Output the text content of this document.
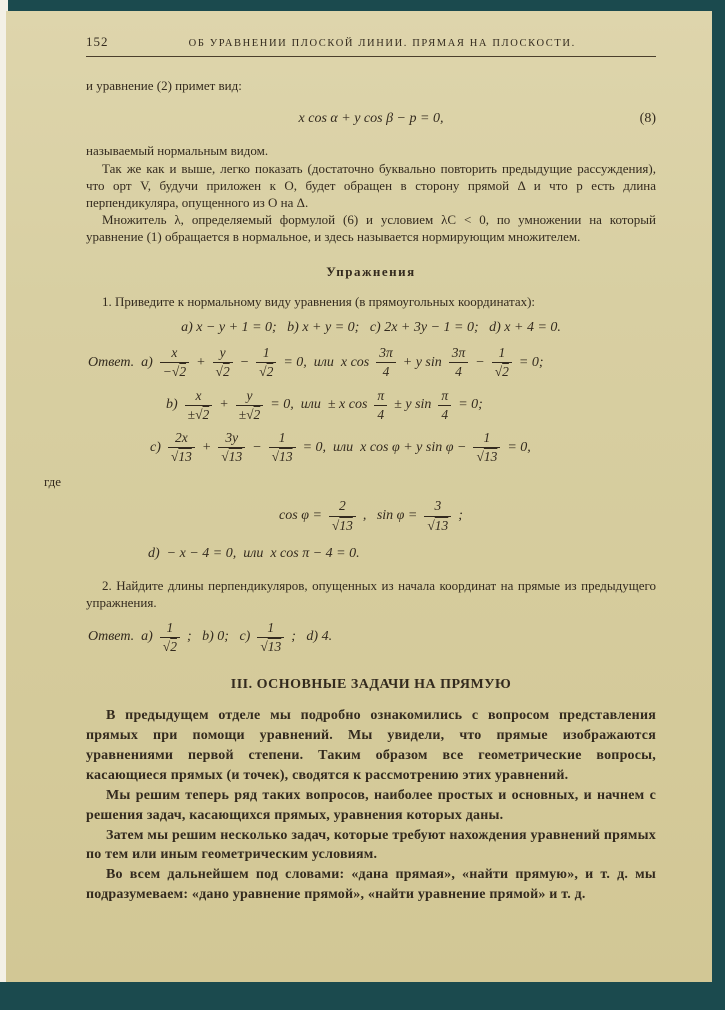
152	ОБ УРАВНЕНИИ ПЛОСКОЙ ЛИНИИ. ПРЯМАЯ НА ПЛОСКОСТИ.

и уравнение (2) примет вид:

x cos α + y cos β − p = 0,	(8)

называемый нормальным видом.

Так же как и выше, легко показать (достаточно буквально повторить предыдущие рассуждения), что орт V, будучи приложен к O, будет обращен в сторону прямой Δ и что p есть длина перпендикуляра, опущенного из O на Δ.

Множитель λ, определяемый формулой (6) и условием λC < 0, по умножении на который уравнение (1) обращается в нормальное, и здесь называется нормирующим множителем.

Упражнения

1. Приведите к нормальному виду уравнения (в прямоугольных координатах):

a) x − y + 1 = 0;   b) x + y = 0;   c) 2x + 3y − 1 = 0;   d) x + 4 = 0.
Ответ.  $a) \frac{x}{-√2} + \frac{y}{√2} - \frac{1}{√2} = 0$,  или  x $\cos \frac{3\pi}{4} + y$ $\sin \frac{3\pi}{4} - \frac{1}{√2} = 0$;
$b) \frac{x}{\pm√2} + \frac{y}{\pm√2} = 0$,  или  ± x $\cos \frac{\pi}{4} \pm y$ $\sin \frac{\pi}{4} = 0$;
$c) \frac{2x}{√13} + \frac{3y}{√13} - \frac{1}{√13} = 0$,  или  x cos φ + y $\sin \varphi - \frac{1}{√13} = 0$,
где
$\cos \varphi = \frac{2}{√13}$ ,   $\sin \varphi = \frac{3}{√13}$ ;
d)  − x − 4 = 0,  или  x cos π − 4 = 0.

2. Найдите длины перпендикуляров, опущенных из начала координат на прямые из предыдущего упражнения.

Ответ.  $a) \frac{1}{√2}$ ;   b) 0;   $c) \frac{1}{√13}$ ;   d) 4.
III. ОСНОВНЫЕ ЗАДАЧИ НА ПРЯМУЮ

В предыдущем отделе мы подробно ознакомились с вопросом представления прямых при помощи уравнений. Мы увидели, что прямые изображаются уравнениями первой степени. Таким образом все геометрические вопросы, касающиеся прямых (и точек), сводятся к рассмотрению этих уравнений.

Мы решим теперь ряд таких вопросов, наиболее простых и основных, и начнем с решения задач, касающихся прямых, уравнения которых даны.

Затем мы решим несколько задач, которые требуют нахождения уравнений прямых по тем или иным геометрическим условиям.

Во всем дальнейшем под словами: «дана прямая», «найти прямую», и т. д. мы подразумеваем: «дано уравнение прямой», «найти уравнение прямой» и т. д.
